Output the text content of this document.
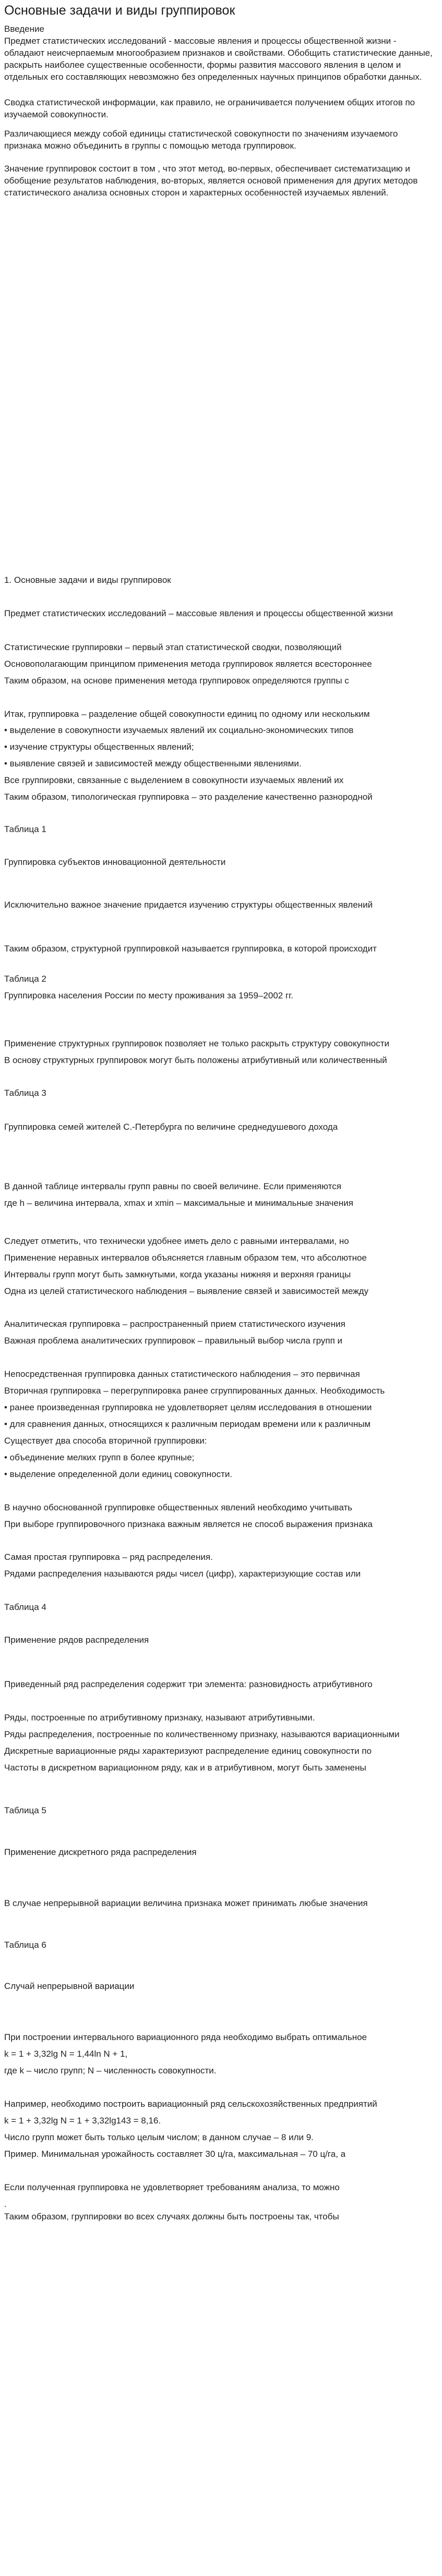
Основные задачи и виды группировок

Введение

Предмет статистических исследований - массовые явления и процессы общественной жизни - обладают неисчерпаемым многообразием признаков и свойствами. Обобщить статистические данные, раскрыть наиболее существенные особенности, формы развития массового явления в целом и отдельных его составляющих невозможно без определенных научных принципов обработки данных.

Сводка статистической информации, как правило, не ограничивается получением общих итогов по изучаемой совокупности.

Различающиеся между собой единицы статистической совокупности по значениям изучаемого признака можно объединить в группы с помощью метода группировок.

Значение группировок состоит в том , что этот метод, во-первых, обеспечивает систематизацию и обобщение результатов наблюдения, во-вторых, является основой применения для других методов статистического анализа основных сторон и характерных особенностей изучаемых явлений.

1. Основные задачи и виды группировок

Предмет статистических исследований – массовые явления и процессы общественной жизни

Статистические группировки – первый этап статистической сводки, позволяющий

Основополагающим принципом применения метода группировок является всестороннее

Таким образом, на основе применения метода группировок определяются группы с

Итак, группировка – разделение общей совокупности единиц по одному или нескольким

• выделение в совокупности изучаемых явлений их социально-экономических типов

• изучение структуры общественных явлений;

• выявление связей и зависимостей между общественными явлениями.

Все группировки, связанные с выделением в совокупности изучаемых явлений их

Таким образом, типологическая группировка – это разделение качественно разнородной

Таблица 1

Группировка субъектов инновационной деятельности

Исключительно важное значение придается изучению структуры общественных явлений

Таким образом, структурной группировкой называется группировка, в которой происходит

Таблица 2

Группировка населения России по месту проживания за 1959–2002 гг.

Применение структурных группировок позволяет не только раскрыть структуру совокупности

В основу структурных группировок могут быть положены атрибутивный или количественный

Таблица 3

Группировка семей жителей С.-Петербурга по величине среднедушевого дохода

В данной таблице интервалы групп равны по своей величине. Если применяются

где h – величина интервала, xmax и xmin – максимальные и минимальные значения

Следует отметить, что технически удобнее иметь дело с равными интервалами, но

Применение неравных интервалов объясняется главным образом тем, что абсолютное

Интервалы групп могут быть замкнутыми, когда указаны нижняя и верхняя границы

Одна из целей статистического наблюдения – выявление связей и зависимостей между

Аналитическая группировка – распространенный прием статистического изучения

Важная проблема аналитических группировок – правильный выбор числа групп и

Непосредственная группировка данных статистического наблюдения – это первичная

Вторичная группировка – перегруппировка ранее сгруппированных данных. Необходимость

• ранее произведенная группировка не удовлетворяет целям исследования в отношении

• для сравнения данных, относящихся к различным периодам времени или к различным

Существует два способа вторичной группировки:

• объединение мелких групп в более крупные;

• выделение определенной доли единиц совокупности.

В научно обоснованной группировке общественных явлений необходимо учитывать

При выборе группировочного признака важным является не способ выражения признака

Самая простая группировка – ряд распределения.

Рядами распределения называются ряды чисел (цифр), характеризующие состав или

Таблица 4

Применение рядов распределения

Приведенный ряд распределения содержит три элемента: разновидность атрибутивного

Ряды, построенные по атрибутивному признаку, называют атрибутивными.

Ряды распределения, построенные по количественному признаку, называются вариационными

Дискретные вариационные ряды характеризуют распределение единиц совокупности по

Частоты в дискретном вариационном ряду, как и в атрибутивном, могут быть заменены

Таблица 5

Применение дискретного ряда распределения

В случае непрерывной вариации величина признака может принимать любые значения

Таблица 6

Случай непрерывной вариации

При построении интервального вариационного ряда необходимо выбрать оптимальное

k = 1 + 3,32lg N = 1,44ln N + 1,

где k – число групп; N – численность совокупности.

Например, необходимо построить вариационный ряд сельскохозяйственных предприятий

k = 1 + 3,32lg N = 1 + 3,32lg143 = 8,16.

Число групп может быть только целым числом; в данном случае – 8 или 9.

Пример. Минимальная урожайность составляет 30 ц/га, максимальная – 70 ц/га, а

Если полученная группировка не удовлетворяет требованиям анализа, то можно

.

Таким образом, группировки во всех случаях должны быть построены так, чтобы
